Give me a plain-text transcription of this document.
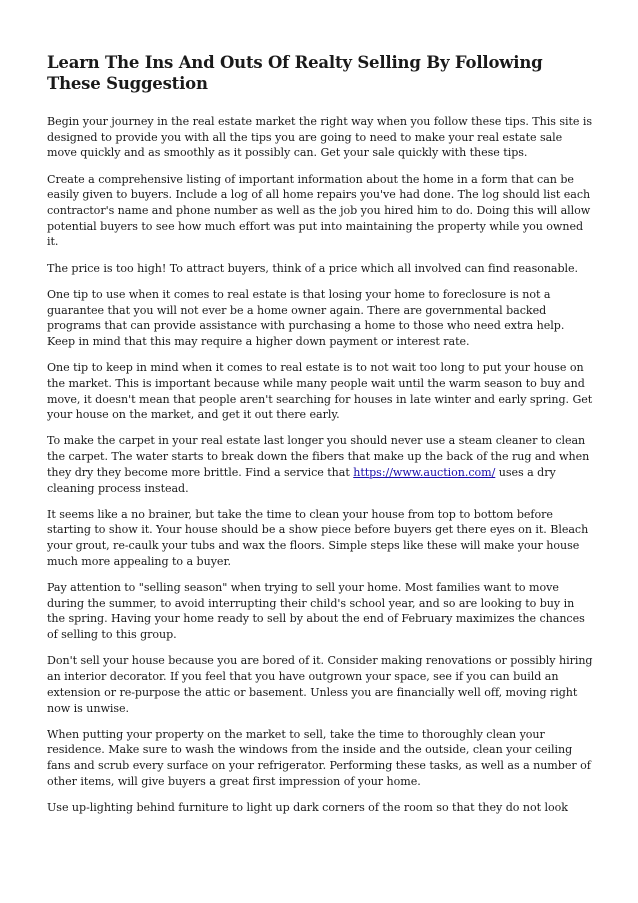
Learn The Ins And Outs Of Realty Selling By Following These Suggestion

Begin your journey in the real estate market the right way when you follow these tips. This site is designed to provide you with all the tips you are going to need to make your real estate sale move quickly and as smoothly as it possibly can. Get your sale quickly with these tips.

Create a comprehensive listing of important information about the home in a form that can be easily given to buyers. Include a log of all home repairs you've had done. The log should list each contractor's name and phone number as well as the job you hired him to do. Doing this will allow potential buyers to see how much effort was put into maintaining the property while you owned it.

The price is too high! To attract buyers, think of a price which all involved can find reasonable.

One tip to use when it comes to real estate is that losing your home to foreclosure is not a guarantee that you will not ever be a home owner again. There are governmental backed programs that can provide assistance with purchasing a home to those who need extra help. Keep in mind that this may require a higher down payment or interest rate.

One tip to keep in mind when it comes to real estate is to not wait too long to put your house on the market. This is important because while many people wait until the warm season to buy and move, it doesn't mean that people aren't searching for houses in late winter and early spring. Get your house on the market, and get it out there early.

To make the carpet in your real estate last longer you should never use a steam cleaner to clean the carpet. The water starts to break down the fibers that make up the back of the rug and when they dry they become more brittle. Find a service that https://www.auction.com/ uses a dry cleaning process instead.

It seems like a no brainer, but take the time to clean your house from top to bottom before starting to show it. Your house should be a show piece before buyers get there eyes on it. Bleach your grout, re-caulk your tubs and wax the floors. Simple steps like these will make your house much more appealing to a buyer.

Pay attention to "selling season" when trying to sell your home. Most families want to move during the summer, to avoid interrupting their child's school year, and so are looking to buy in the spring. Having your home ready to sell by about the end of February maximizes the chances of selling to this group.

Don't sell your house because you are bored of it. Consider making renovations or possibly hiring an interior decorator. If you feel that you have outgrown your space, see if you can build an extension or re-purpose the attic or basement. Unless you are financially well off, moving right now is unwise.

When putting your property on the market to sell, take the time to thoroughly clean your residence. Make sure to wash the windows from the inside and the outside, clean your ceiling fans and scrub every surface on your refrigerator. Performing these tasks, as well as a number of other items, will give buyers a great first impression of your home.

Use up-lighting behind furniture to light up dark corners of the room so that they do not look
